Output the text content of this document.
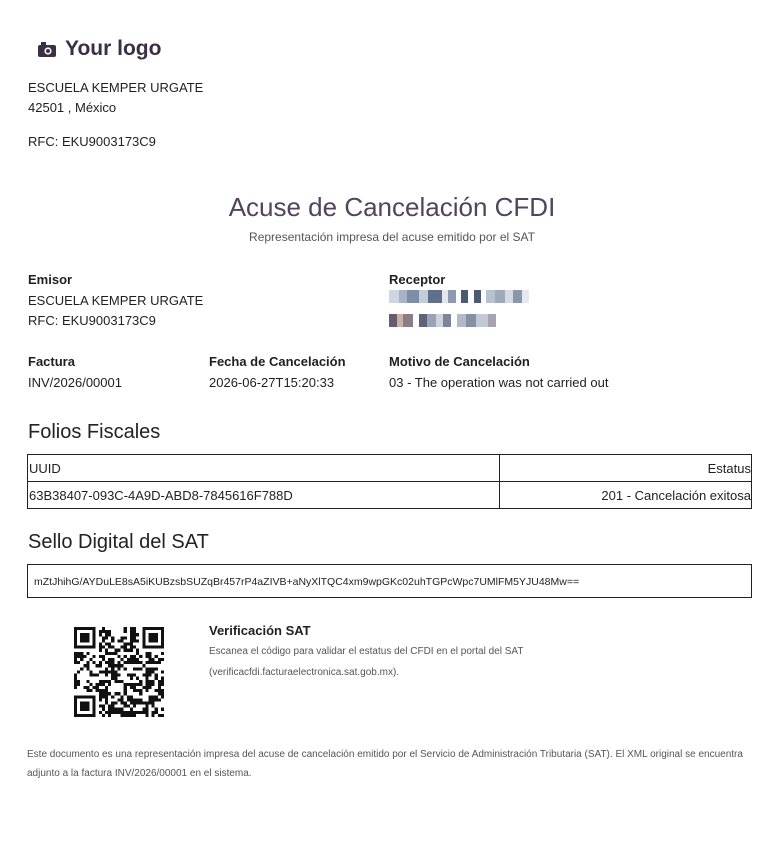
Your logo
ESCUELA KEMPER URGATE
42501 , México
RFC: EKU9003173C9
Acuse de Cancelación CFDI
Representación impresa del acuse emitido por el SAT
Emisor
ESCUELA KEMPER URGATE
RFC: EKU9003173C9
Receptor
Factura
INV/2026/00001
Fecha de Cancelación
2026-06-27T15:20:33
Motivo de Cancelación
03 - The operation was not carried out
Folios Fiscales
UUID	Estatus
63B38407-093C-4A9D-ABD8-7845616F788D	201 - Cancelación exitosa
Sello Digital del SAT
mZtJhihG/AYDuLE8sA5iKUBzsbSUZqBr457rP4aZIVB+aNyXlTQC4xm9wpGKc02uhTGPcWpc7UMlFM5YJU48Mw==
Verificación SAT
Escanea el código para validar el estatus del CFDI en el portal del SAT
(verificacfdi.facturaelectronica.sat.gob.mx).
Este documento es una representación impresa del acuse de cancelación emitido por el Servicio de Administración Tributaria (SAT). El XML original se encuentra adjunto a la factura INV/2026/00001 en el sistema.
